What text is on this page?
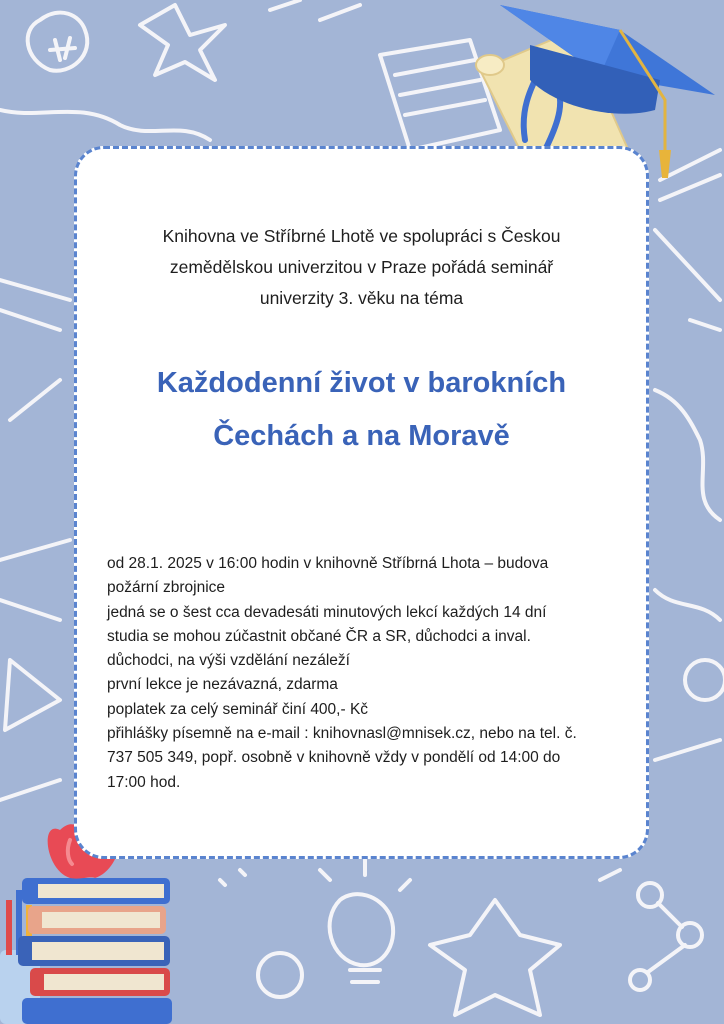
Knihovna ve Stříbrné Lhotě ve spolupráci s Českou
zemědělskou univerzitou v Praze pořádá seminář
univerzity 3. věku na téma

Každodenní život v barokních
Čechách a na Moravě

od 28.1. 2025 v 16:00 hodin v knihovně Stříbrná Lhota – budova
požární zbrojnice
jedná se o šest cca devadesáti minutových lekcí každých 14 dní
studia se mohou zúčastnit občané ČR a SR, důchodci a inval.
důchodci, na výši vzdělání nezáleží
první lekce je nezávazná, zdarma
poplatek za celý seminář činí 400,- Kč
přihlášky písemně na e-mail : knihovnasl@mnisek.cz, nebo na tel. č.
737 505 349, popř. osobně v knihovně vždy v pondělí od 14:00 do
17:00 hod.
